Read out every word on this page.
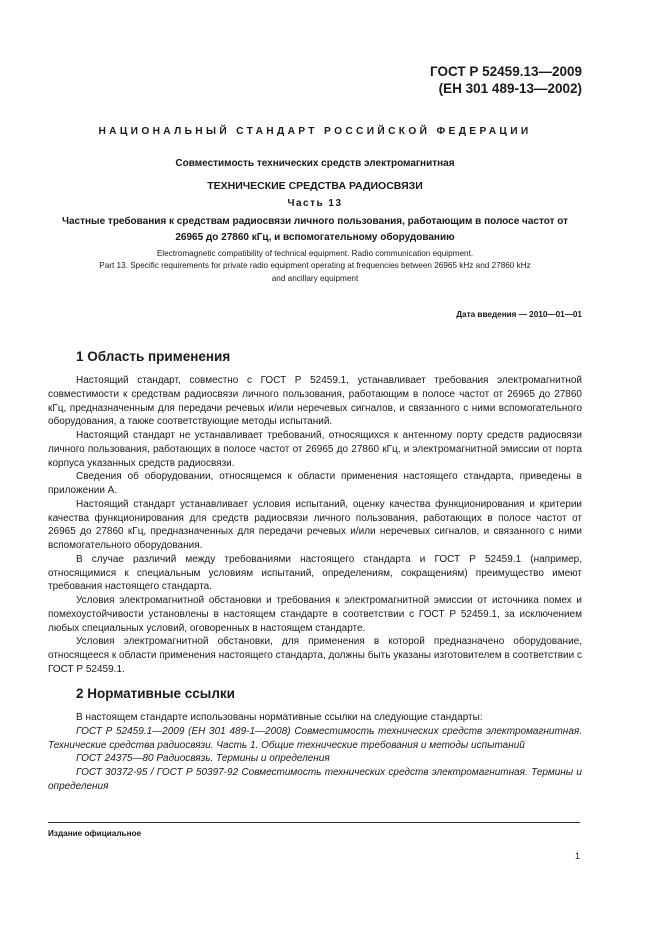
ГОСТ Р 52459.13—2009
(ЕН 301 489-13—2002)
НАЦИОНАЛЬНЫЙ СТАНДАРТ РОССИЙСКОЙ ФЕДЕРАЦИИ
Совместимость технических средств электромагнитная
ТЕХНИЧЕСКИЕ СРЕДСТВА РАДИОСВЯЗИ
Часть 13
Частные требования к средствам радиосвязи личного пользования, работающим в полосе частот от 26965 до 27860 кГц, и вспомогательному оборудованию
Electromagnetic compatibility of technical equipment. Radio communication equipment.
Part 13. Specific requirements for private radio equipment operating at frequencies between 26965 kHz and 27860 kHz
and ancillary equipment
Дата введения — 2010—01—01
1 Область применения

Настоящий стандарт, совместно с ГОСТ Р 52459.1, устанавливает требования электромагнитной совместимости к средствам радиосвязи личного пользования, работающим в полосе частот от 26965 до 27860 кГц, предназначенным для передачи речевых и/или неречевых сигналов, и связанного с ними вспомогательного оборудования, а также соответствующие методы испытаний.

Настоящий стандарт не устанавливает требований, относящихся к антенному порту средств радиосвязи личного пользования, работающих в полосе частот от 26965 до 27860 кГц, и электромагнитной эмиссии от порта корпуса указанных средств радиосвязи.

Сведения об оборудовании, относящемся к области применения настоящего стандарта, приведены в приложении А.

Настоящий стандарт устанавливает условия испытаний, оценку качества функционирования и критерии качества функционирования для средств радиосвязи личного пользования, работающих в полосе частот от 26965 до 27860 кГц, предназначенных для передачи речевых и/или неречевых сигналов, и связанного с ними вспомогательного оборудования.

В случае различий между требованиями настоящего стандарта и ГОСТ Р 52459.1 (например, относящимися к специальным условиям испытаний, определениям, сокращениям) преимущество имеют требования настоящего стандарта.

Условия электромагнитной обстановки и требования к электромагнитной эмиссии от источника помех и помехоустойчивости установлены в настоящем стандарте в соответствии с ГОСТ Р 52459.1, за исключением любых специальных условий, оговоренных в настоящем стандарте.

Условия электромагнитной обстановки, для применения в которой предназначено оборудование, относящееся к области применения настоящего стандарта, должны быть указаны изготовителем в соответствии с ГОСТ Р 52459.1.

2 Нормативные ссылки

В настоящем стандарте использованы нормативные ссылки на следующие стандарты:

ГОСТ Р 52459.1—2009 (ЕН 301 489-1—2008) Совместимость технических средств электромагнитная. Технические средства радиосвязи. Часть 1. Общие технические требования и методы испытаний

ГОСТ 24375—80 Радиосвязь. Термины и определения

ГОСТ 30372-95 / ГОСТ Р 50397-92 Совместимость технических средств электромагнитная. Термины и определения

Издание официальное
1
